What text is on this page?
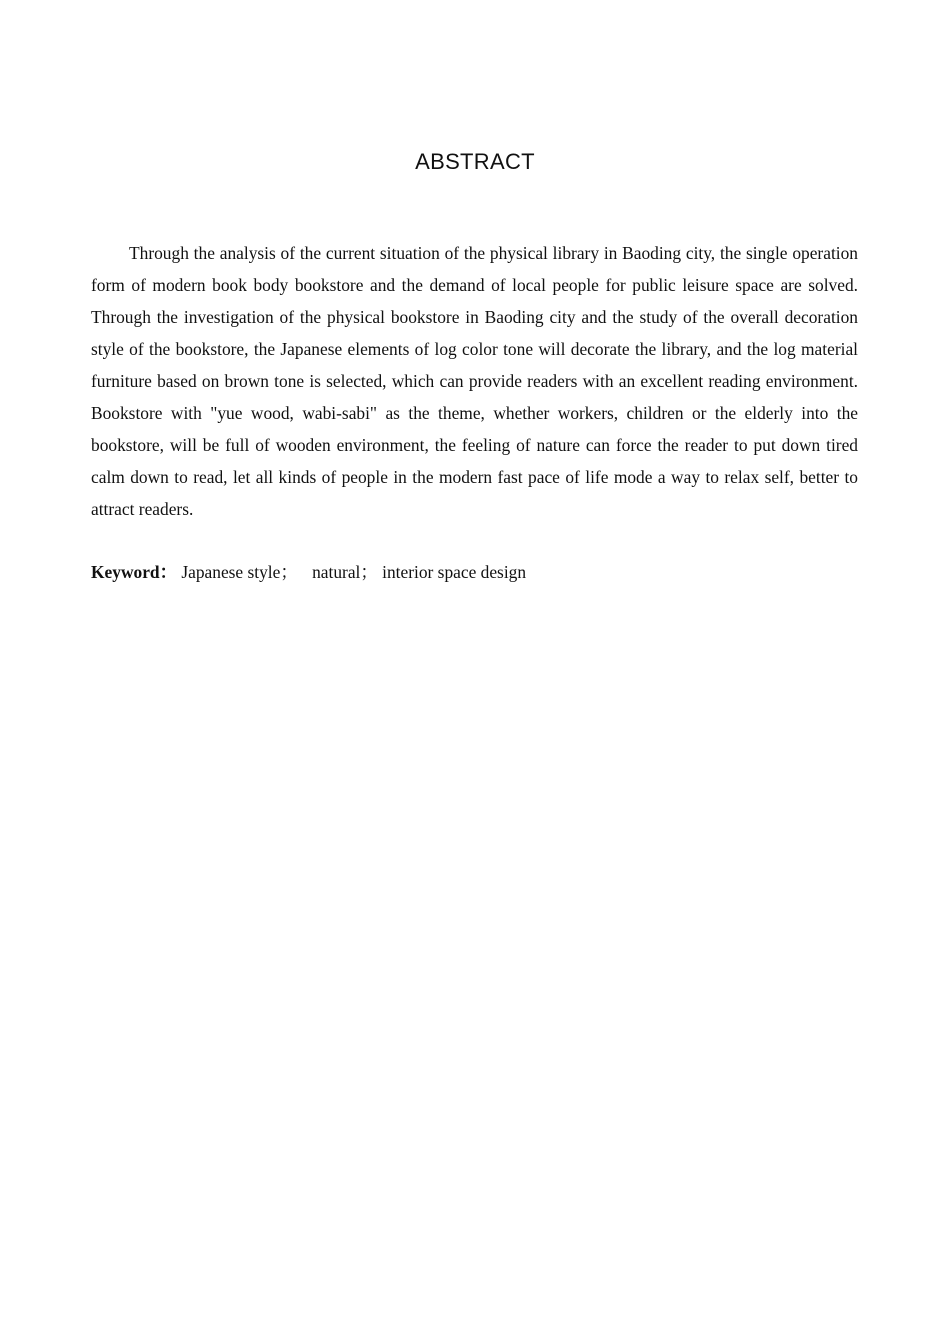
ABSTRACT

Through the analysis of the current situation of the physical library in Baoding city, the single operation form of modern book body bookstore and the demand of local people for public leisure space are solved. Through the investigation of the physical bookstore in Baoding city and the study of the overall decoration style of the bookstore, the Japanese elements of log color tone will decorate the library, and the log material furniture based on brown tone is selected, which can provide readers with an excellent reading environment. Bookstore with "yue wood, wabi-sabi" as the theme, whether workers, children or the elderly into the bookstore, will be full of wooden environment, the feeling of nature can force the reader to put down tired calm down to read, let all kinds of people in the modern fast pace of life mode a way to relax self, better to attract readers.

Keyword： Japanese style； natural； interior space design
